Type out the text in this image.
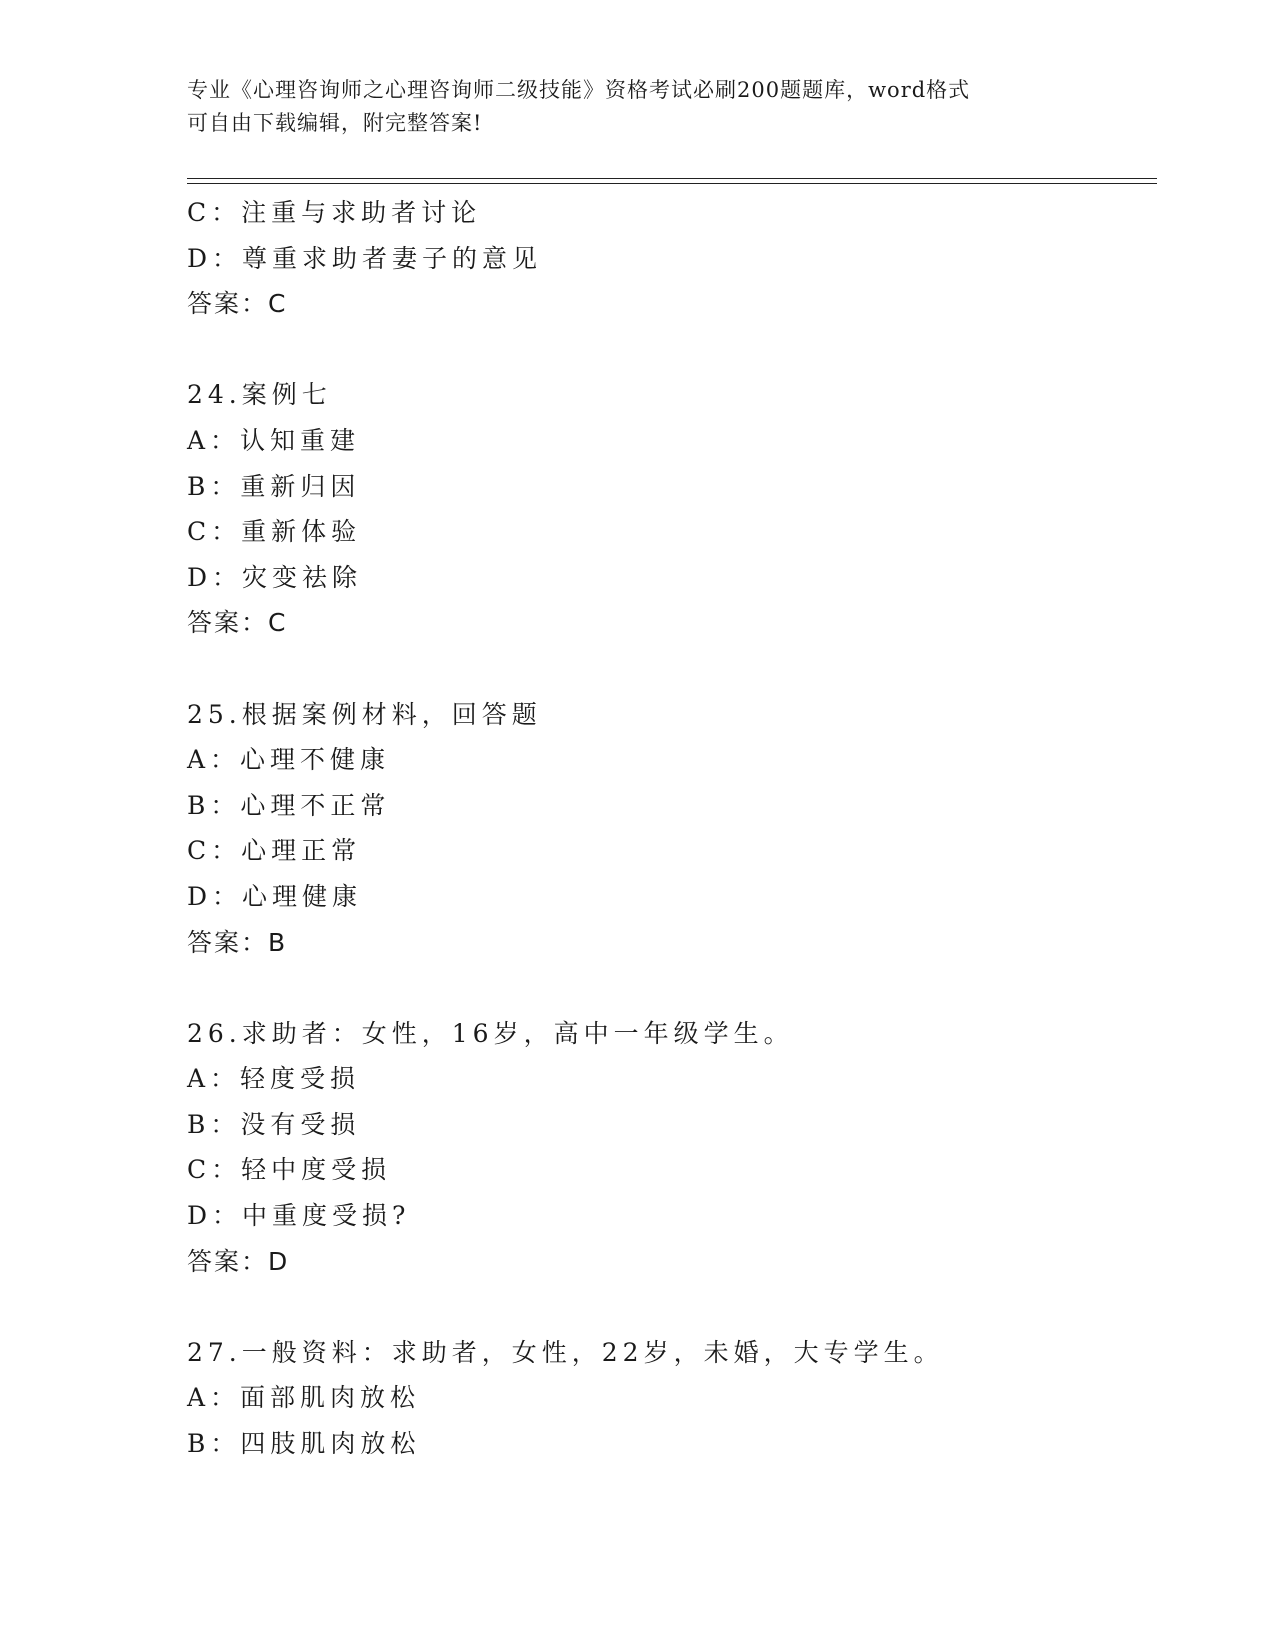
专业《心理咨询师之心理咨询师二级技能》资格考试必刷200题题库，word格式
可自由下载编辑，附完整答案!
C：注重与求助者讨论
D：尊重求助者妻子的意见
答案：C
24.案例七
A：认知重建
B：重新归因
C：重新体验
D：灾变祛除
答案：C
25.根据案例材料，回答题
A：心理不健康
B：心理不正常
C：心理正常
D：心理健康
答案：B
26.求助者：女性，16岁，高中一年级学生。
A：轻度受损
B：没有受损
C：轻中度受损
D：中重度受损?
答案：D
27.一般资料：求助者，女性，22岁，未婚，大专学生。
A：面部肌肉放松
B：四肢肌肉放松
